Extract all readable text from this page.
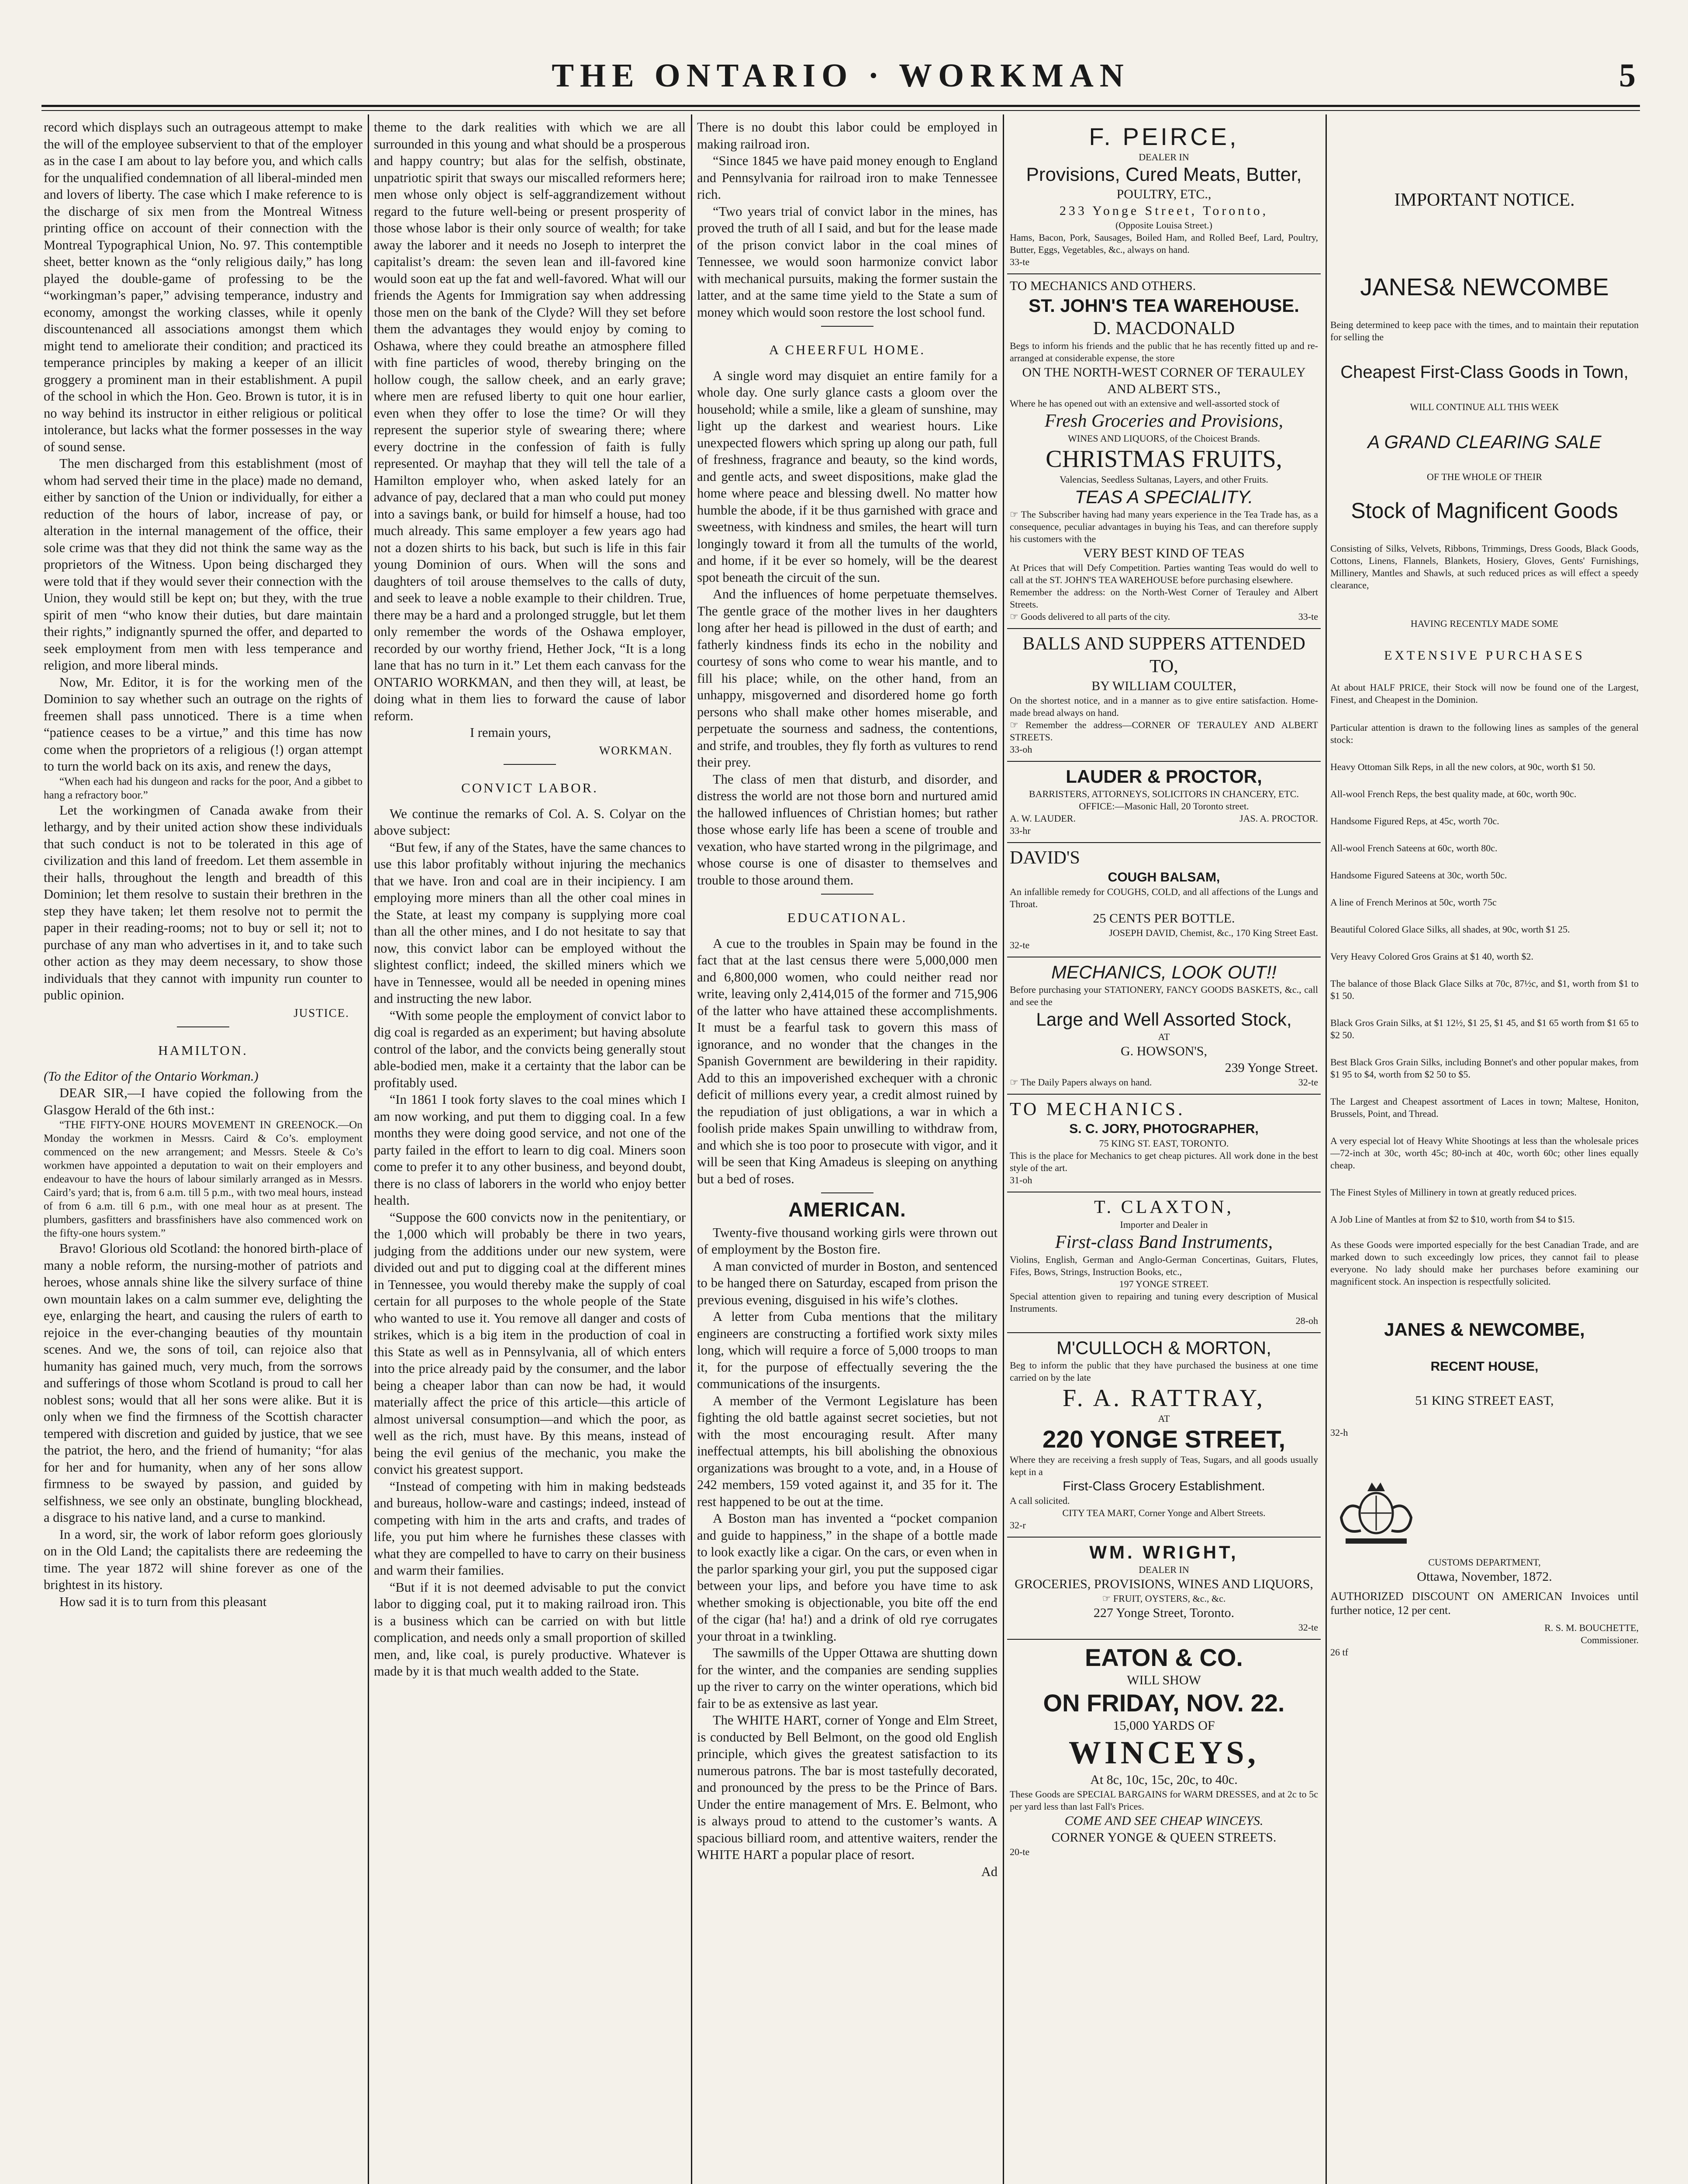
THE ONTARIO · WORKMAN	5

record which displays such an outrageous attempt to make the will of the employee subservient to that of the employer as in the case I am about to lay before you, and which calls for the unqualified condemnation of all liberal-minded men and lovers of liberty. The case which I make reference to is the discharge of six men from the Montreal Witness printing office on account of their connection with the Montreal Typographical Union, No. 97. This contemptible sheet, better known as the “only religious daily,” has long played the double-game of professing to be the “workingman’s paper,” advising temperance, industry and economy, amongst the working classes, while it openly discountenanced all associations amongst them which might tend to ameliorate their condition; and practiced its temperance principles by making a keeper of an illicit groggery a prominent man in their establishment. A pupil of the school in which the Hon. Geo. Brown is tutor, it is in no way behind its instructor in either religious or political intolerance, but lacks what the former possesses in the way of sound sense.

The men discharged from this establishment (most of whom had served their time in the place) made no demand, either by sanction of the Union or individually, for either a reduction of the hours of labor, increase of pay, or alteration in the internal management of the office, their sole crime was that they did not think the same way as the proprietors of the Witness. Upon being discharged they were told that if they would sever their connection with the Union, they would still be kept on; but they, with the true spirit of men “who know their duties, but dare maintain their rights,” indignantly spurned the offer, and departed to seek employment from men with less temperance and religion, and more liberal minds.

Now, Mr. Editor, it is for the working men of the Dominion to say whether such an outrage on the rights of freemen shall pass unnoticed. There is a time when “patience ceases to be a virtue,” and this time has now come when the proprietors of a religious (!) organ attempt to turn the world back on its axis, and renew the days,

“When each had his dungeon and racks for the poor, And a gibbet to hang a refractory boor.”

Let the workingmen of Canada awake from their lethargy, and by their united action show these individuals that such conduct is not to be tolerated in this age of civilization and this land of freedom. Let them assemble in their halls, throughout the length and breadth of this Dominion; let them resolve to sustain their brethren in the step they have taken; let them resolve not to permit the paper in their reading-rooms; not to buy or sell it; not to purchase of any man who advertises in it, and to take such other action as they may deem necessary, to show those individuals that they cannot with impunity run counter to public opinion.

JUSTICE.
HAMILTON.

(To the Editor of the Ontario Workman.)

DEAR SIR,—I have copied the following from the Glasgow Herald of the 6th inst.:

“THE FIFTY-ONE HOURS MOVEMENT IN GREENOCK.—On Monday the workmen in Messrs. Caird & Co’s. employment commenced on the new arrangement; and Messrs. Steele & Co’s workmen have appointed a deputation to wait on their employers and endeavour to have the hours of labour similarly arranged as in Messrs. Caird’s yard; that is, from 6 a.m. till 5 p.m., with two meal hours, instead of from 6 a.m. till 6 p.m., with one meal hour as at present. The plumbers, gasfitters and brassfinishers have also commenced work on the fifty-one hours system.”

Bravo! Glorious old Scotland: the honored birth-place of many a noble reform, the nursing-mother of patriots and heroes, whose annals shine like the silvery surface of thine own mountain lakes on a calm summer eve, delighting the eye, enlarging the heart, and causing the rulers of earth to rejoice in the ever-changing beauties of thy mountain scenes. And we, the sons of toil, can rejoice also that humanity has gained much, very much, from the sorrows and sufferings of those whom Scotland is proud to call her noblest sons; would that all her sons were alike. But it is only when we find the firmness of the Scottish character tempered with discretion and guided by justice, that we see the patriot, the hero, and the friend of humanity; “for alas for her and for humanity, when any of her sons allow firmness to be swayed by passion, and guided by selfishness, we see only an obstinate, bungling blockhead, a disgrace to his native land, and a curse to mankind.

In a word, sir, the work of labor reform goes gloriously on in the Old Land; the capitalists there are redeeming the time. The year 1872 will shine forever as one of the brightest in its history.

How sad it is to turn from this pleasant

theme to the dark realities with which we are all surrounded in this young and what should be a prosperous and happy country; but alas for the selfish, obstinate, unpatriotic spirit that sways our miscalled reformers here; men whose only object is self-aggrandizement without regard to the future well-being or present prosperity of those whose labor is their only source of wealth; for take away the laborer and it needs no Joseph to interpret the capitalist’s dream: the seven lean and ill-favored kine would soon eat up the fat and well-favored. What will our friends the Agents for Immigration say when addressing those men on the bank of the Clyde? Will they set before them the advantages they would enjoy by coming to Oshawa, where they could breathe an atmosphere filled with fine particles of wood, thereby bringing on the hollow cough, the sallow cheek, and an early grave; where men are refused liberty to quit one hour earlier, even when they offer to lose the time? Or will they represent the superior style of swearing there; where every doctrine in the confession of faith is fully represented. Or mayhap that they will tell the tale of a Hamilton employer who, when asked lately for an advance of pay, declared that a man who could put money into a savings bank, or build for himself a house, had too much already. This same employer a few years ago had not a dozen shirts to his back, but such is life in this fair young Dominion of ours. When will the sons and daughters of toil arouse themselves to the calls of duty, and seek to leave a noble example to their children. True, there may be a hard and a prolonged struggle, but let them only remember the words of the Oshawa employer, recorded by our worthy friend, Hether Jock, “It is a long lane that has no turn in it.” Let them each canvass for the ONTARIO WORKMAN, and then they will, at least, be doing what in them lies to forward the cause of labor reform.

I remain yours,

WORKMAN.
CONVICT LABOR.

We continue the remarks of Col. A. S. Colyar on the above subject:

“But few, if any of the States, have the same chances to use this labor profitably without injuring the mechanics that we have. Iron and coal are in their incipiency. I am employing more miners than all the other coal mines in the State, at least my company is supplying more coal than all the other mines, and I do not hesitate to say that now, this convict labor can be employed without the slightest conflict; indeed, the skilled miners which we have in Tennessee, would all be needed in opening mines and instructing the new labor.

“With some people the employment of convict labor to dig coal is regarded as an experiment; but having absolute control of the labor, and the convicts being generally stout able-bodied men, make it a certainty that the labor can be profitably used.

“In 1861 I took forty slaves to the coal mines which I am now working, and put them to digging coal. In a few months they were doing good service, and not one of the party failed in the effort to learn to dig coal. Miners soon come to prefer it to any other business, and beyond doubt, there is no class of laborers in the world who enjoy better health.

“Suppose the 600 convicts now in the penitentiary, or the 1,000 which will probably be there in two years, judging from the additions under our new system, were divided out and put to digging coal at the different mines in Tennessee, you would thereby make the supply of coal certain for all purposes to the whole people of the State who wanted to use it. You remove all danger and costs of strikes, which is a big item in the production of coal in this State as well as in Pennsylvania, all of which enters into the price already paid by the consumer, and the labor being a cheaper labor than can now be had, it would materially affect the price of this article—this article of almost universal consumption—and which the poor, as well as the rich, must have. By this means, instead of being the evil genius of the mechanic, you make the convict his greatest support.

“Instead of competing with him in making bedsteads and bureaus, hollow-ware and castings; indeed, instead of competing with him in the arts and crafts, and trades of life, you put him where he furnishes these classes with what they are compelled to have to carry on their business and warm their families.

“But if it is not deemed advisable to put the convict labor to digging coal, put it to making railroad iron. This is a business which can be carried on with but little complication, and needs only a small proportion of skilled men, and, like coal, is purely productive. Whatever is made by it is that much wealth added to the State.

There is no doubt this labor could be employed in making railroad iron.

“Since 1845 we have paid money enough to England and Pennsylvania for railroad iron to make Tennessee rich.

“Two years trial of convict labor in the mines, has proved the truth of all I said, and but for the lease made of the prison convict labor in the coal mines of Tennessee, we would soon harmonize convict labor with mechanical pursuits, making the former sustain the latter, and at the same time yield to the State a sum of money which would soon restore the lost school fund.

A CHEERFUL HOME.

A single word may disquiet an entire family for a whole day. One surly glance casts a gloom over the household; while a smile, like a gleam of sunshine, may light up the darkest and weariest hours. Like unexpected flowers which spring up along our path, full of freshness, fragrance and beauty, so the kind words, and gentle acts, and sweet dispositions, make glad the home where peace and blessing dwell. No matter how humble the abode, if it be thus garnished with grace and sweetness, with kindness and smiles, the heart will turn longingly toward it from all the tumults of the world, and home, if it be ever so homely, will be the dearest spot beneath the circuit of the sun.

And the influences of home perpetuate themselves. The gentle grace of the mother lives in her daughters long after her head is pillowed in the dust of earth; and fatherly kindness finds its echo in the nobility and courtesy of sons who come to wear his mantle, and to fill his place; while, on the other hand, from an unhappy, misgoverned and disordered home go forth persons who shall make other homes miserable, and perpetuate the sourness and sadness, the contentions, and strife, and troubles, they fly forth as vultures to rend their prey.

The class of men that disturb, and disorder, and distress the world are not those born and nurtured amid the hallowed influences of Christian homes; but rather those whose early life has been a scene of trouble and vexation, who have started wrong in the pilgrimage, and whose course is one of disaster to themselves and trouble to those around them.

EDUCATIONAL.

A cue to the troubles in Spain may be found in the fact that at the last census there were 5,000,000 men and 6,800,000 women, who could neither read nor write, leaving only 2,414,015 of the former and 715,906 of the latter who have attained these accomplishments. It must be a fearful task to govern this mass of ignorance, and no wonder that the changes in the Spanish Government are bewildering in their rapidity. Add to this an impoverished exchequer with a chronic deficit of millions every year, a credit almost ruined by the repudiation of just obligations, a war in which a foolish pride makes Spain unwilling to withdraw from, and which she is too poor to prosecute with vigor, and it will be seen that King Amadeus is sleeping on anything but a bed of roses.

AMERICAN.

Twenty-five thousand working girls were thrown out of employment by the Boston fire.

A man convicted of murder in Boston, and sentenced to be hanged there on Saturday, escaped from prison the previous evening, disguised in his wife’s clothes.

A letter from Cuba mentions that the military engineers are constructing a fortified work sixty miles long, which will require a force of 5,000 troops to man it, for the purpose of effectually severing the the communications of the insurgents.

A member of the Vermont Legislature has been fighting the old battle against secret societies, but not with the most encouraging result. After many ineffectual attempts, his bill abolishing the obnoxious organizations was brought to a vote, and, in a House of 242 members, 159 voted against it, and 35 for it. The rest happened to be out at the time.

A Boston man has invented a “pocket companion and guide to happiness,” in the shape of a bottle made to look exactly like a cigar. On the cars, or even when in the parlor sparking your girl, you put the supposed cigar between your lips, and before you have time to ask whether smoking is objectionable, you bite off the end of the cigar (ha! ha!) and a drink of old rye corrugates your throat in a twinkling.

The sawmills of the Upper Ottawa are shutting down for the winter, and the companies are sending supplies up the river to carry on the winter operations, which bid fair to be as extensive as last year.

The WHITE HART, corner of Yonge and Elm Street, is conducted by Bell Belmont, on the good old English principle, which gives the greatest satisfaction to its numerous patrons. The bar is most tastefully decorated, and pronounced by the press to be the Prince of Bars. Under the entire management of Mrs. E. Belmont, who is always proud to attend to the customer’s wants. A spacious billiard room, and attentive waiters, render the WHITE HART a popular place of resort.

Ad
F. PEIRCE,
DEALER IN
Provisions, Cured Meats, Butter,
POULTRY, ETC.,
233 Yonge Street, Toronto,
(Opposite Louisa Street.)
Hams, Bacon, Pork, Sausages, Boiled Ham, and Rolled Beef, Lard, Poultry, Butter, Eggs, Vegetables, &c., always on hand.
33-te
TO MECHANICS AND OTHERS.
ST. JOHN'S TEA WAREHOUSE.
D. MACDONALD
Begs to inform his friends and the public that he has recently fitted up and re-arranged at considerable expense, the store
ON THE NORTH-WEST CORNER OF TERAULEY AND ALBERT STS.,
Where he has opened out with an extensive and well-assorted stock of
Fresh Groceries and Provisions,
WINES AND LIQUORS, of the Choicest Brands.
CHRISTMAS FRUITS,
Valencias, Seedless Sultanas, Layers, and other Fruits.
TEAS A SPECIALITY.
☞ The Subscriber having had many years experience in the Tea Trade has, as a consequence, peculiar advantages in buying his Teas, and can therefore supply his customers with the
VERY BEST KIND OF TEAS
At Prices that will Defy Competition. Parties wanting Teas would do well to call at the ST. JOHN'S TEA WAREHOUSE before purchasing elsewhere.
Remember the address: on the North-West Corner of Terauley and Albert Streets.
☞ Goods delivered to all parts of the city.	33-te
BALLS AND SUPPERS ATTENDED TO,
BY WILLIAM COULTER,
On the shortest notice, and in a manner as to give entire satisfaction. Home-made bread always on hand.
☞ Remember the address—CORNER OF TERAULEY AND ALBERT STREETS.
33-oh
LAUDER & PROCTOR,
BARRISTERS, ATTORNEYS, SOLICITORS IN CHANCERY, ETC.
OFFICE:—Masonic Hall, 20 Toronto street.
A. W. LAUDER.	JAS. A. PROCTOR.
33-hr
DAVID'S
COUGH BALSAM,
An infallible remedy for COUGHS, COLD, and all affections of the Lungs and Throat.
25 CENTS PER BOTTLE.
JOSEPH DAVID, Chemist, &c., 170 King Street East.
32-te
MECHANICS, LOOK OUT!!
Before purchasing your STATIONERY, FANCY GOODS BASKETS, &c., call and see the
Large and Well Assorted Stock,
AT
G. HOWSON'S,
239 Yonge Street.
☞ The Daily Papers always on hand.	32-te
TO MECHANICS.
S. C. JORY, PHOTOGRAPHER,
75 KING ST. EAST, TORONTO.
This is the place for Mechanics to get cheap pictures. All work done in the best style of the art.
31-oh
T. CLAXTON,
Importer and Dealer in
First-class Band Instruments,
Violins, English, German and Anglo-German Concertinas, Guitars, Flutes, Fifes, Bows, Strings, Instruction Books, etc.,
197 YONGE STREET.
Special attention given to repairing and tuning every description of Musical Instruments.
28-oh
M'CULLOCH & MORTON,
Beg to inform the public that they have purchased the business at one time carried on by the late
F. A. RATTRAY,
AT
220 YONGE STREET,
Where they are receiving a fresh supply of Teas, Sugars, and all goods usually kept in a
First-Class Grocery Establishment.
A call solicited.
CITY TEA MART, Corner Yonge and Albert Streets.
32-r
WM. WRIGHT,
DEALER IN
GROCERIES, PROVISIONS, WINES AND LIQUORS,
☞ FRUIT, OYSTERS, &c., &c.
227 Yonge Street, Toronto.
32-te
EATON & CO.
WILL SHOW
ON FRIDAY, NOV. 22.
15,000 YARDS OF
WINCEYS,
At 8c, 10c, 15c, 20c, to 40c.
These Goods are SPECIAL BARGAINS for WARM DRESSES, and at 2c to 5c per yard less than last Fall's Prices.
COME AND SEE CHEAP WINCEYS.
CORNER YONGE & QUEEN STREETS.
20-te
IMPORTANT NOTICE.
JANES& NEWCOMBE

Being determined to keep pace with the times, and to maintain their reputation for selling the

Cheapest First-Class Goods in Town,
WILL CONTINUE ALL THIS WEEK
A GRAND CLEARING SALE
OF THE WHOLE OF THEIR
Stock of Magnificent Goods

Consisting of Silks, Velvets, Ribbons, Trimmings, Dress Goods, Black Goods, Cottons, Linens, Flannels, Blankets, Hosiery, Gloves, Gents' Furnishings, Millinery, Mantles and Shawls, at such reduced prices as will effect a speedy clearance,

HAVING RECENTLY MADE SOME
EXTENSIVE PURCHASES

At about HALF PRICE, their Stock will now be found one of the Largest, Finest, and Cheapest in the Dominion.

Particular attention is drawn to the following lines as samples of the general stock:

Heavy Ottoman Silk Reps, in all the new colors, at 90c, worth $1 50.

All-wool French Reps, the best quality made, at 60c, worth 90c.

Handsome Figured Reps, at 45c, worth 70c.

All-wool French Sateens at 60c, worth 80c.

Handsome Figured Sateens at 30c, worth 50c.

A line of French Merinos at 50c, worth 75c

Beautiful Colored Glace Silks, all shades, at 90c, worth $1 25.

Very Heavy Colored Gros Grains at $1 40, worth $2.

The balance of those Black Glace Silks at 70c, 87½c, and $1, worth from $1 to $1 50.

Black Gros Grain Silks, at $1 12½, $1 25, $1 45, and $1 65 worth from $1 65 to $2 50.

Best Black Gros Grain Silks, including Bonnet's and other popular makes, from $1 95 to $4, worth from $2 50 to $5.

The Largest and Cheapest assortment of Laces in town; Maltese, Honiton, Brussels, Point, and Thread.

A very especial lot of Heavy White Shootings at less than the wholesale prices—72-inch at 30c, worth 45c; 80-inch at 40c, worth 60c; other lines equally cheap.

The Finest Styles of Millinery in town at greatly reduced prices.

A Job Line of Mantles at from $2 to $10, worth from $4 to $15.

As these Goods were imported especially for the best Canadian Trade, and are marked down to such exceedingly low prices, they cannot fail to please everyone. No lady should make her purchases before examining our magnificent stock. An inspection is respectfully solicited.

JANES & NEWCOMBE,
RECENT HOUSE,
51 KING STREET EAST,
32-h
CUSTOMS DEPARTMENT,
Ottawa, November, 1872.

AUTHORIZED DISCOUNT ON AMERICAN Invoices until further notice, 12 per cent.

R. S. M. BOUCHETTE,
Commissioner.
26 tf
